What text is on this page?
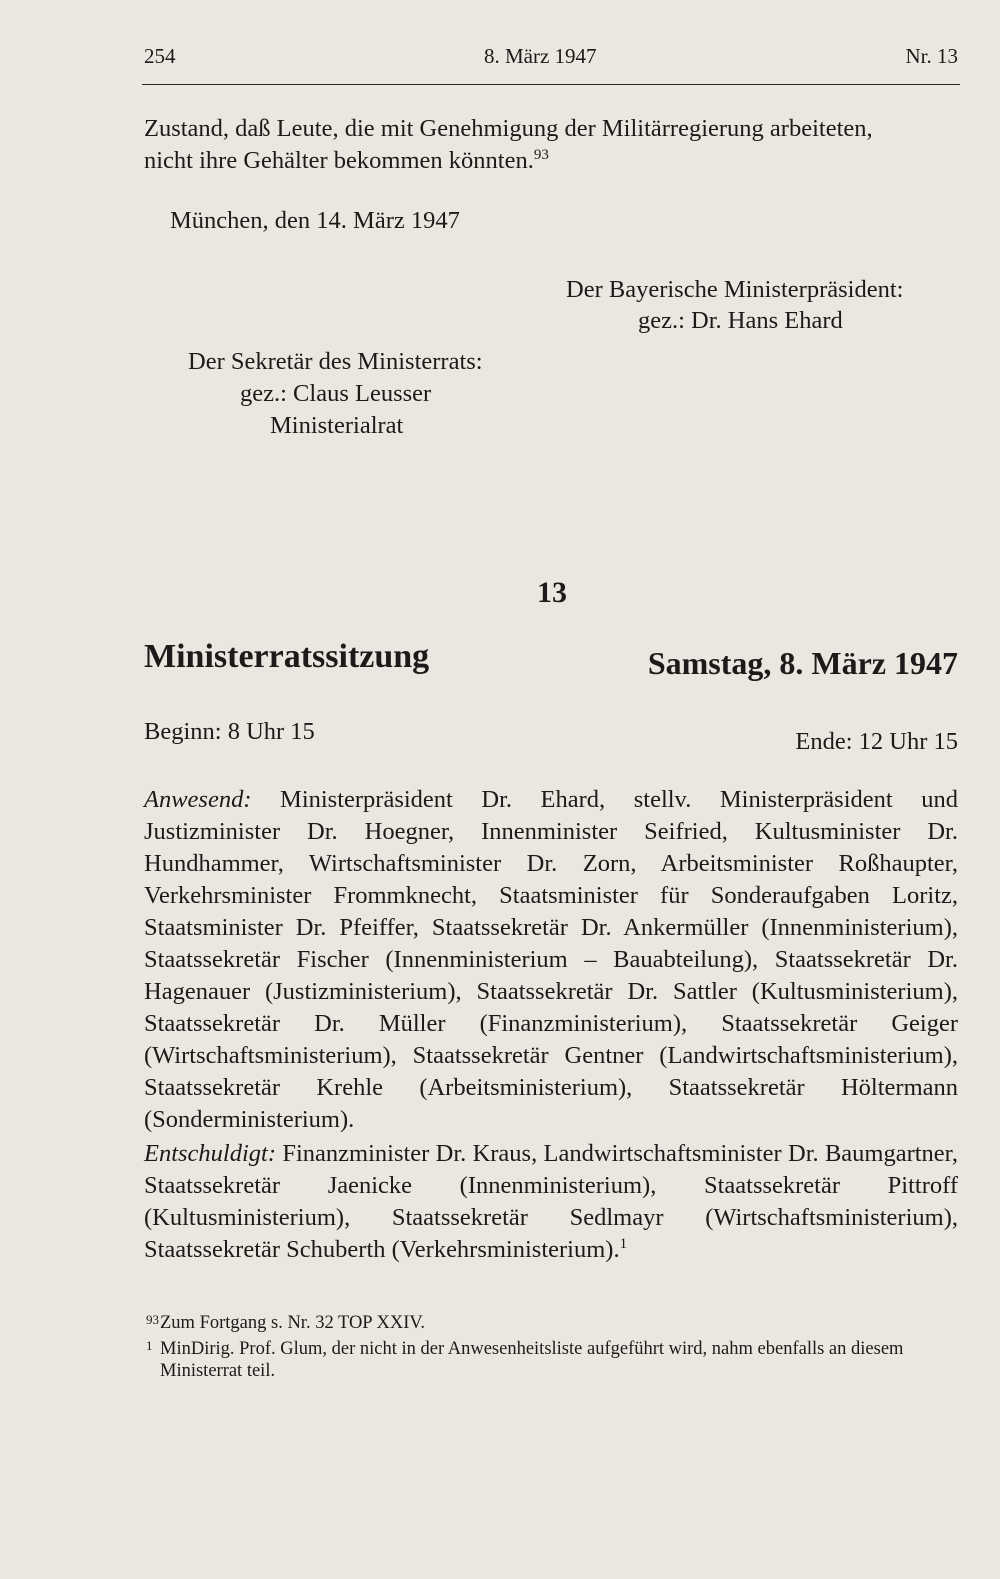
254	8. März 1947	Nr. 13
Zustand, daß Leute, die mit Genehmigung der Militärregierung arbeiteten,
nicht ihre Gehälter bekommen könnten.$^{93}$
München, den 14. März 1947
Der Bayerische Ministerpräsident:
gez.: Dr. Hans Ehard
Der Sekretär des Ministerrats:
gez.: Claus Leusser
Ministerialrat
13
Ministerratssitzung	Samstag, 8. März 1947
Beginn: 8 Uhr 15	Ende: 12 Uhr 15
Anwesend: Ministerpräsident Dr. Ehard, stellv. Ministerpräsident und Justizminister Dr. Hoegner, Innenminister Seifried, Kultusminister Dr. Hundhammer, Wirtschaftsminister Dr. Zorn, Arbeitsminister Roßhaupter, Verkehrsminister Frommknecht, Staatsminister für Sonderaufgaben Loritz, Staatsminister Dr. Pfeiffer, Staatssekretär Dr. Ankermüller (Innenministerium), Staatssekretär Fischer (Innenministerium – Bauabteilung), Staatssekretär Dr. Hagenauer (Justizministerium), Staatssekretär Dr. Sattler (Kultusministerium), Staatssekretär Dr. Müller (Finanzministerium), Staatssekretär Geiger (Wirtschaftsministerium), Staatssekretär Gentner (Landwirtschaftsministerium), Staatssekretär Krehle (Arbeitsministerium), Staatssekretär Höltermann (Sonderministerium).
Entschuldigt: Finanzminister Dr. Kraus, Landwirtschaftsminister Dr. Baumgartner, Staatssekretär Jaenicke (Innenministerium), Staatssekretär Pittroff (Kultusministerium), Staatssekretär Sedlmayr (Wirtschaftsministerium), Staatssekretär Schuberth (Verkehrsministerium).$^1$
93 Zum Fortgang s. Nr. 32 TOP XXIV.
1 MinDirig. Prof. Glum, der nicht in der Anwesenheitsliste aufgeführt wird, nahm ebenfalls an diesem Ministerrat teil.
